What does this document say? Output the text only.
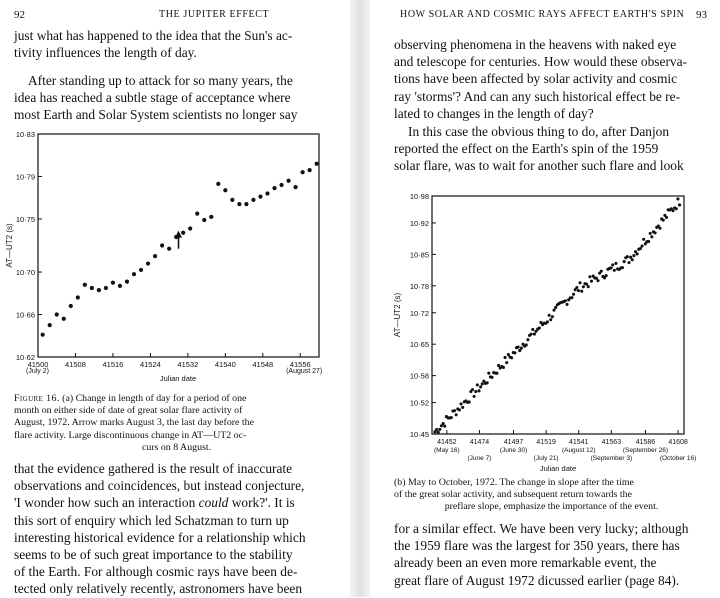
92	THE JUPITER EFFECT
just what has happened to the idea that the Sun's ac-
tivity influences the length of day.
After standing up to attack for so many years, the
idea has reached a subtle stage of acceptance where
most Earth and Solar System scientists no longer say
10·83
10·79
10·75
10·70
10·66
10·62
41500 41508 41516 41524 41532 41540 41548 41556
AT—UT2 (s)
Julian date
(July 2)	(August 27)
Figure 16. (a) Change in length of day for a period of one
month on either side of date of great solar flare activity of
August, 1972. Arrow marks August 3, the last day before the
flare activity. Large discontinuous change in AT—UT2 oc-
curs on 8 August.
that the evidence gathered is the result of inaccurate
observations and coincidences, but instead conjecture,
'I wonder how such an interaction could work?'. It is
this sort of enquiry which led Schatzman to turn up
interesting historical evidence for a relationship which
seems to be of such great importance to the stability
of the Earth. For although cosmic rays have been de-
tected only relatively recently, astronomers have been
HOW SOLAR AND COSMIC RAYS AFFECT EARTH'S SPIN 93
observing phenomena in the heavens with naked eye
and telescope for centuries. How would these observa-
tions have been affected by solar activity and cosmic
ray 'storms'? And can any such historical effect be re-
lated to changes in the length of day?
In this case the obvious thing to do, after Danjon
reported the effect on the Earth's spin of the 1959
solar flare, was to wait for another such flare and look
10·98
10·92
10·85
10·78
10·72
10·65
10·58
10·52
10·45
41452 41474 41497 41519 41541 41563 41586 41608
(May 16)	(June 30)	(August 12)	(September 26)
(June 7)	(July 21)	(September 3)	(October 16)
AT—UT2 (s)
Julian date
(b) May to October, 1972. The change in slope after the time
of the great solar activity, and subsequent return towards the
preflare slope, emphasize the importance of the event.
for a similar effect. We have been very lucky; although
the 1959 flare was the largest for 350 years, there has
already been an even more remarkable event, the
great flare of August 1972 dicussed earlier (page 84).
